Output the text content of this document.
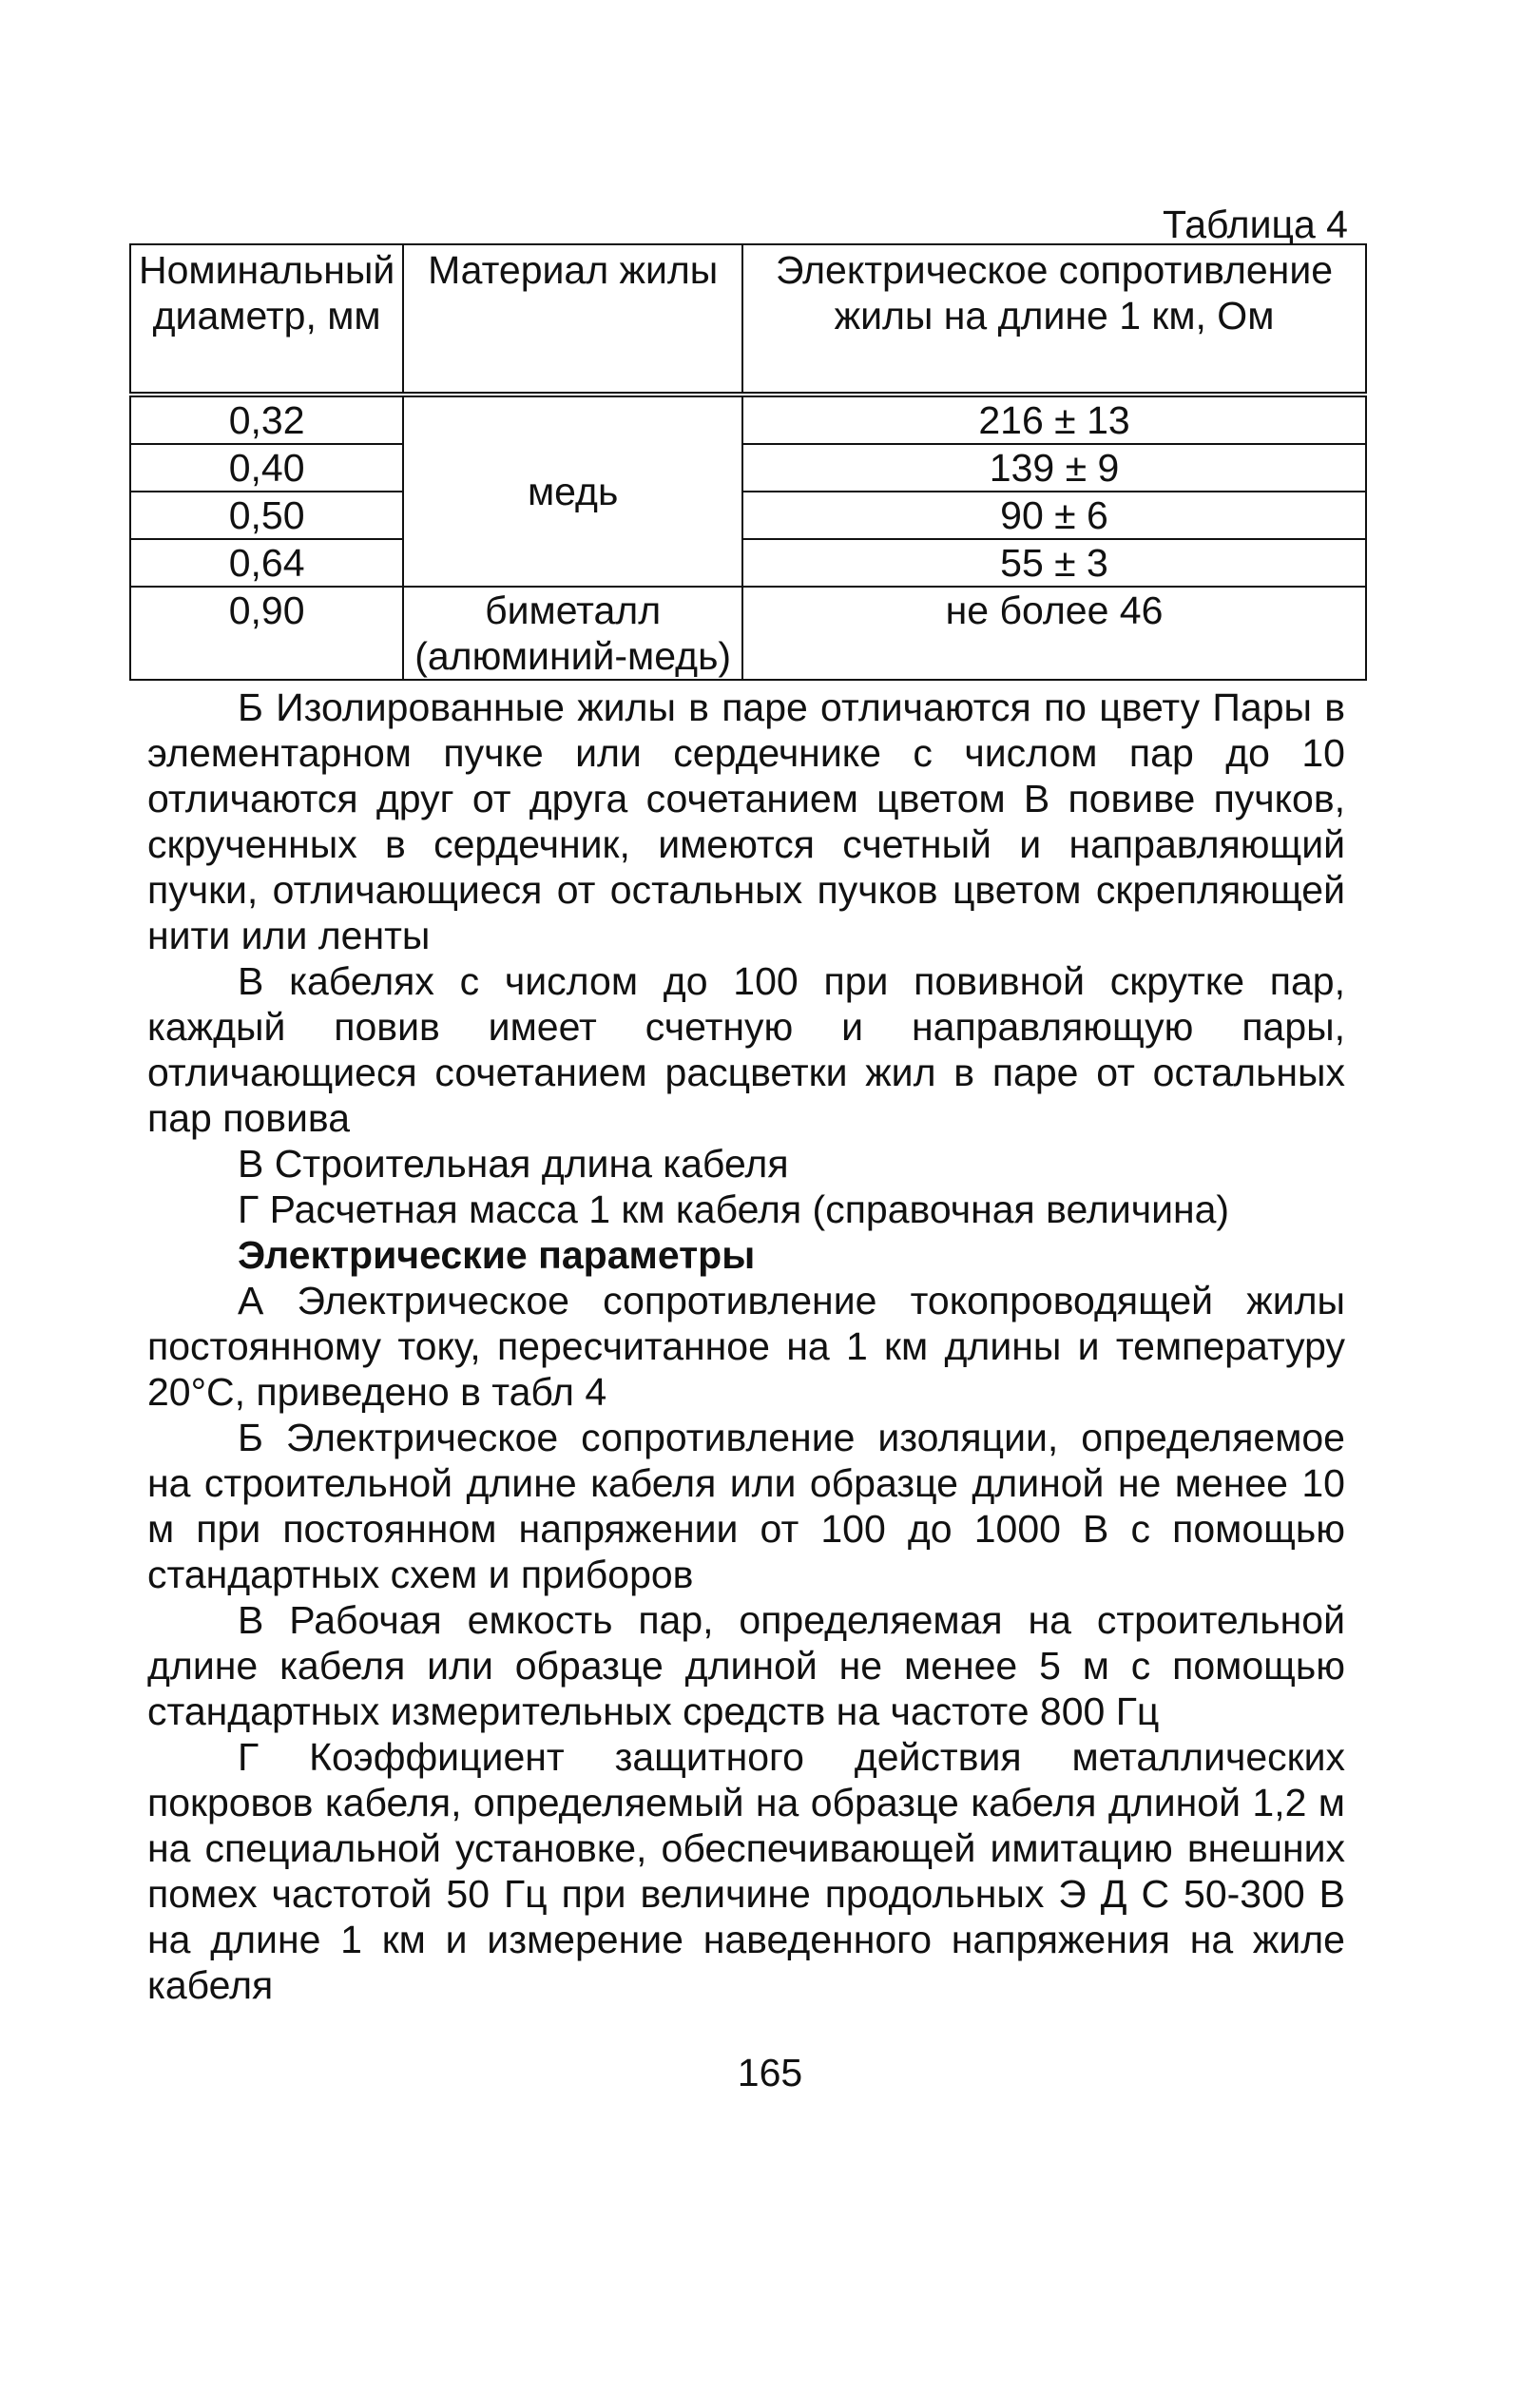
Таблица 4
Номинальный диаметр, мм	Материал жилы	Электрическое сопротивление жилы на длине 1 км, Ом
0,32	медь	216 ± 13
0,40		139 ± 9
0,50		90 ± 6
0,64		55 ± 3
0,90	биметалл (алюминий-медь)	не более 46

Б Изолированные жилы в паре отличаются по цвету Пары в элементарном пучке или сердечнике с числом пар до 10 отличаются друг от друга сочетанием цветом В повиве пучков, скрученных в сердечник, имеются счетный и направляющий пучки, отличающиеся от остальных пучков цветом скрепляющей нити или ленты

В кабелях с числом до 100 при повивной скрутке пар, каждый повив имеет счетную и направляющую пары, отличающиеся сочетанием расцветки жил в паре от остальных пар повива

В Строительная длина кабеля

Г Расчетная масса 1 км кабеля (справочная величина)

Электрические параметры

А Электрическое сопротивление токопроводящей жилы постоянному току, пересчитанное на 1 км длины и температуру 20°С, приведено в табл 4

Б Электрическое сопротивление изоляции, определяемое на строительной длине кабеля или образце длиной не менее 10 м при постоянном напряжении от 100 до 1000 В с помощью стандартных схем и приборов

В Рабочая емкость пар, определяемая на строительной длине кабеля или образце длиной не менее 5 м с помощью стандартных измерительных средств на частоте 800 Гц

Г Коэффициент защитного действия металлических покровов кабеля, определяемый на образце кабеля длиной 1,2 м на специальной установке, обеспечивающей имитацию внешних помех частотой 50 Гц при величине продольных Э Д С 50-300 В на длине 1 км и измерение наведенного напряжения на жиле кабеля

165
